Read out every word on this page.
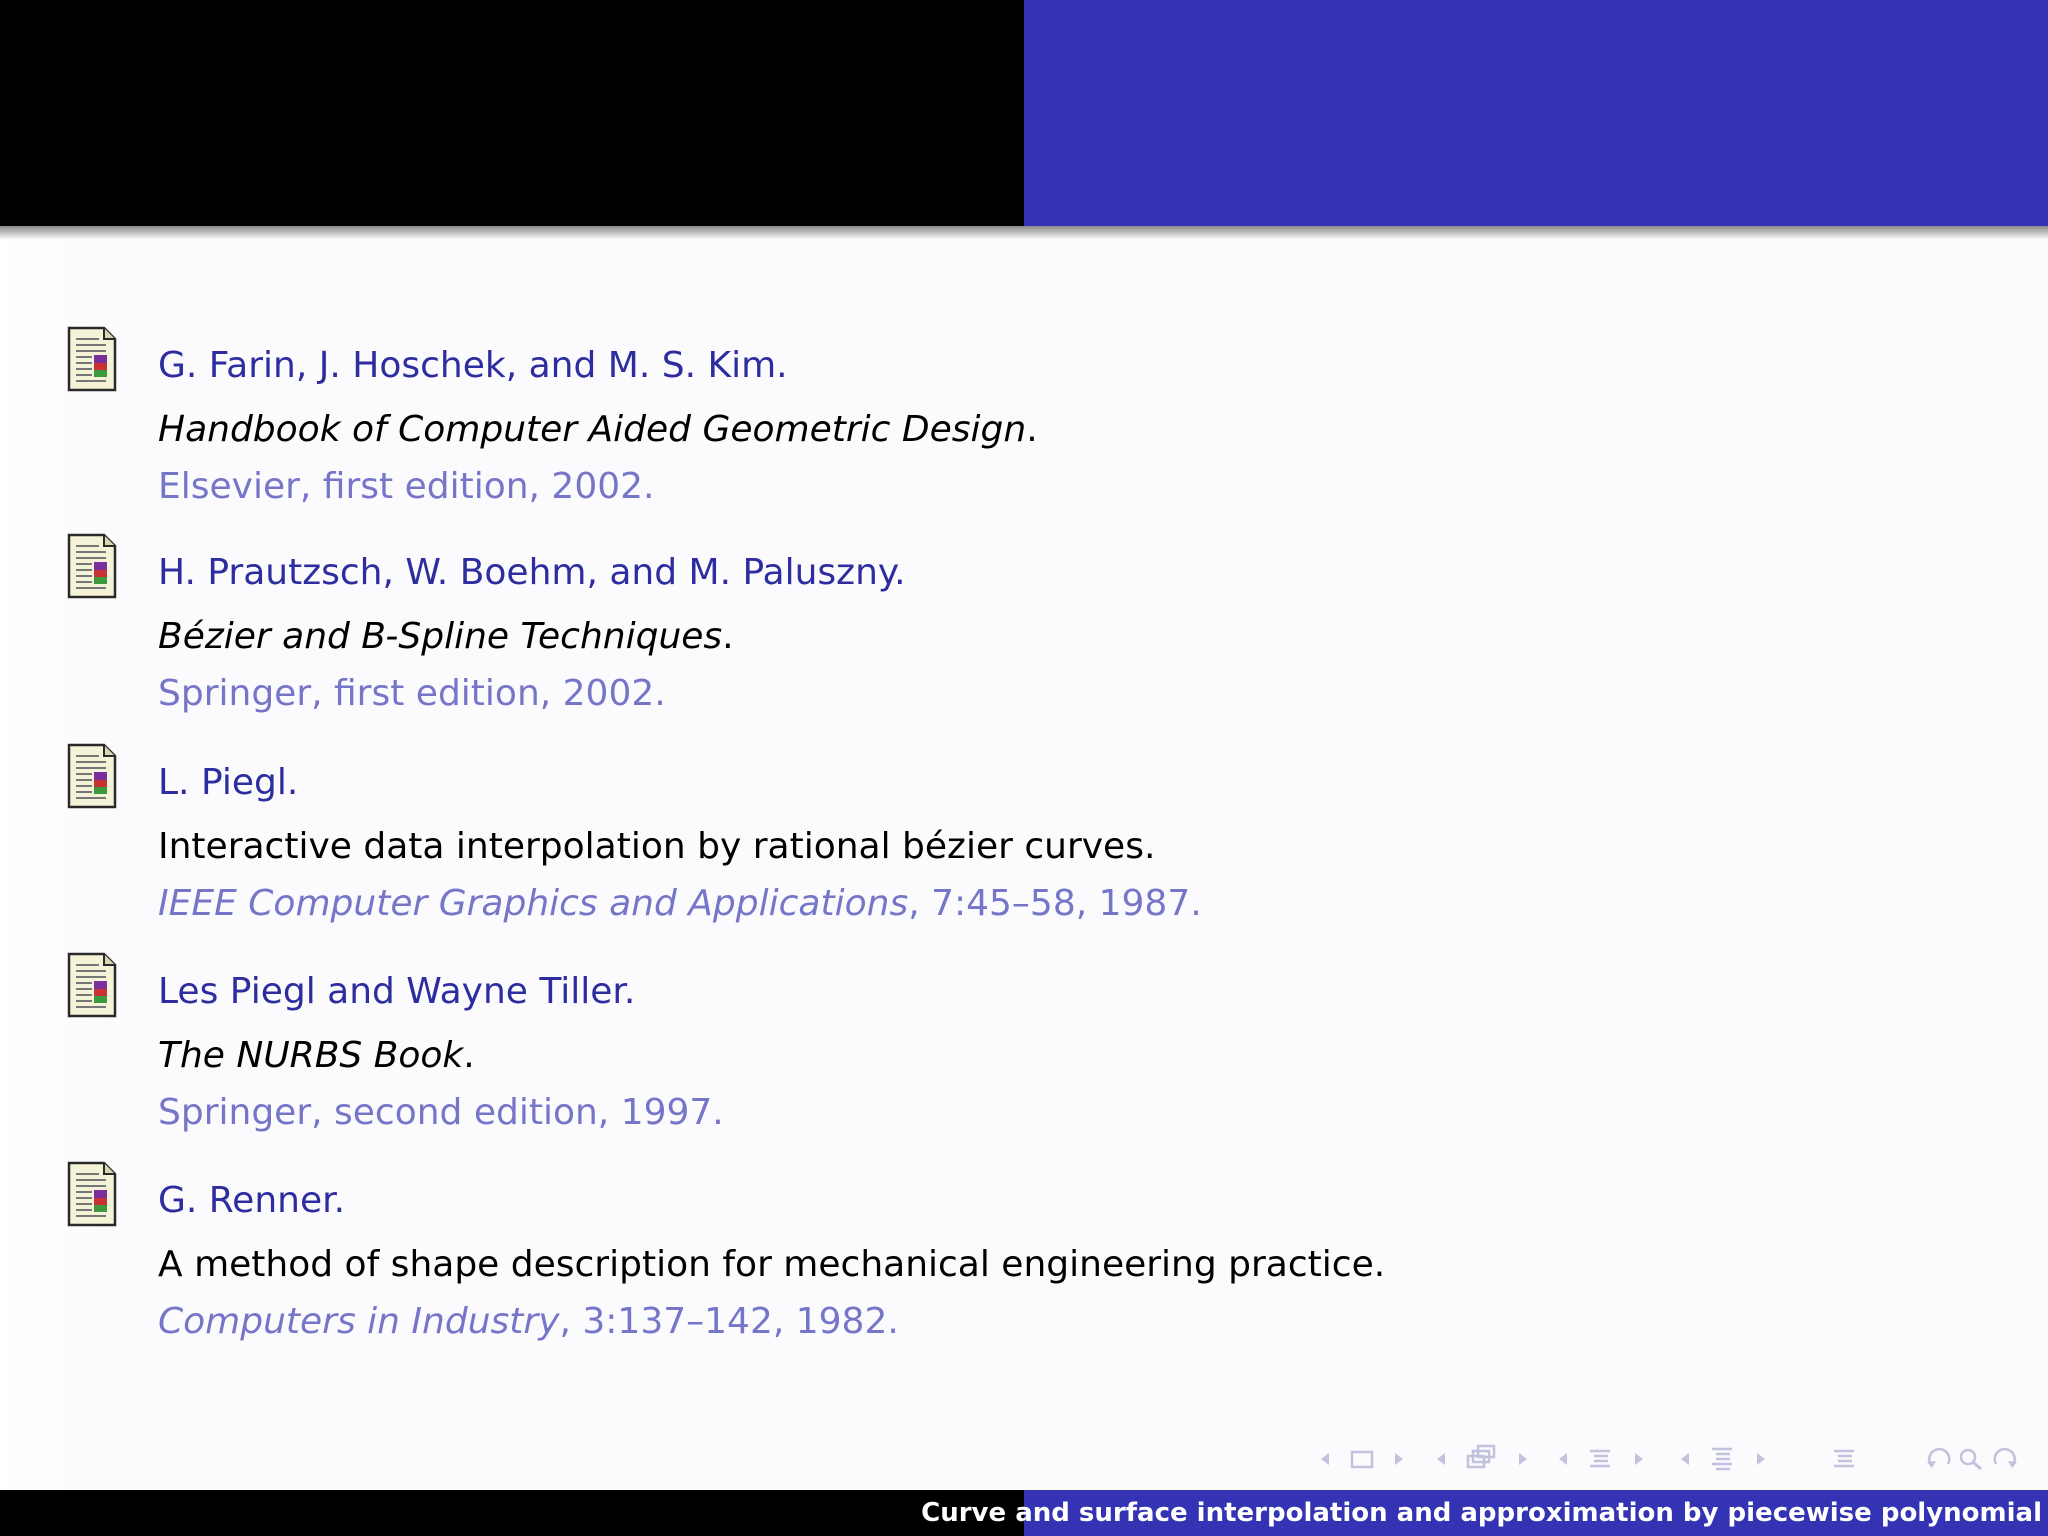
G. Farin, J. Hoschek, and M. S. Kim.
Handbook of Computer Aided Geometric Design.
Elsevier, first edition, 2002.
H. Prautzsch, W. Boehm, and M. Paluszny.
Bézier and B-Spline Techniques.
Springer, first edition, 2002.
L. Piegl.
Interactive data interpolation by rational bézier curves.
IEEE Computer Graphics and Applications, 7:45–58, 1987.
Les Piegl and Wayne Tiller.
The NURBS Book.
Springer, second edition, 1997.
G. Renner.
A method of shape description for mechanical engineering practice.
Computers in Industry, 3:137–142, 1982.
Curve and surface interpolation and approximation by piecewise polynomial
